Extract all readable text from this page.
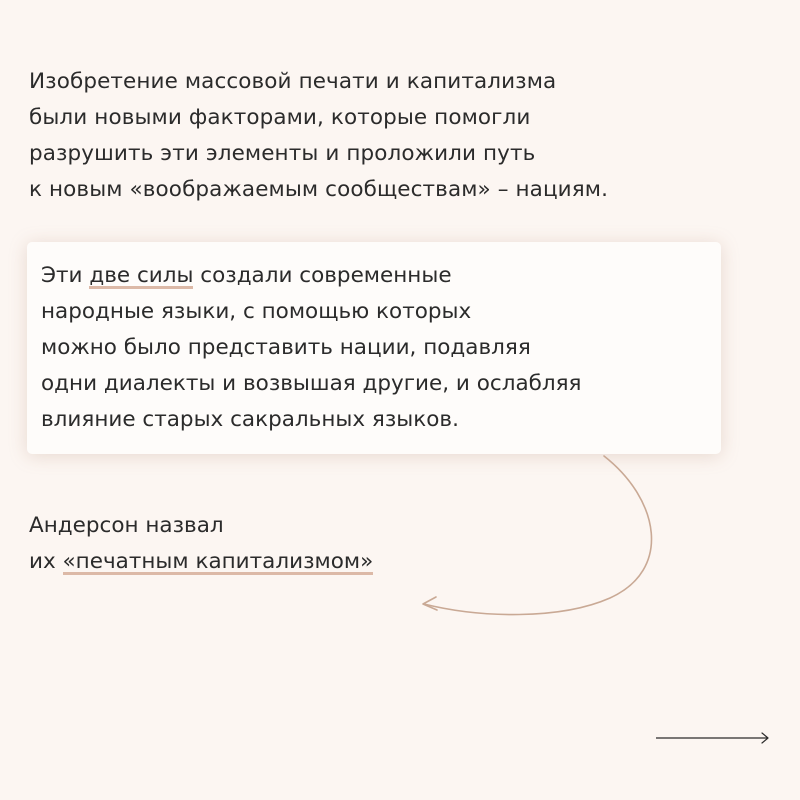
Изобретение массовой печати и капитализма
были новыми факторами, которые помогли
разрушить эти элементы и проложили путь
к новым «воображаемым сообществам» – нациям.
Эти две силы создали современные
народные языки, с помощью которых
можно было представить нации, подавляя
одни диалекты и возвышая другие, и ослабляя
влияние старых сакральных языков.
Андерсон назвал
их «печатным капитализмом»
